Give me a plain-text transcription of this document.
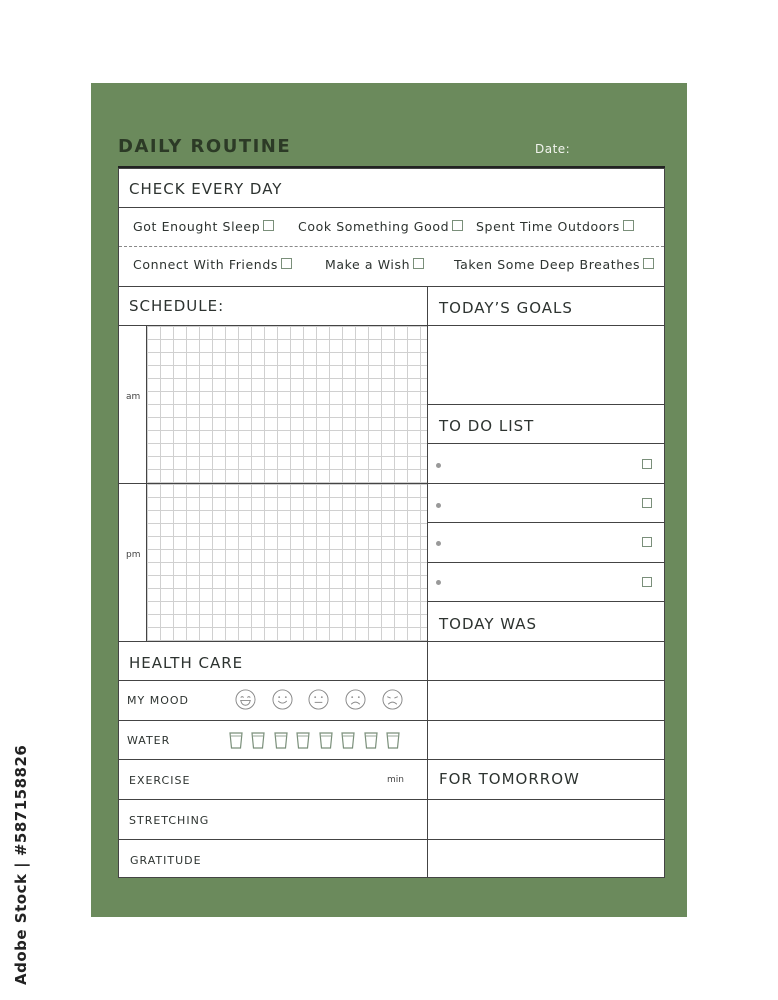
DAILY ROUTINE	Date:
CHECK EVERY DAY
Got Enought Sleep	Cook Something Good	Spent Time Outdoors
Connect With Friends	Make a Wish	Taken Some Deep Breathes
SCHEDULE:
am
pm
HEALTH CARE
MY MOOD
WATER
EXERCISE	min
STRETCHING
GRATITUDE
TODAY’S GOALS
TO DO LIST
TODAY WAS
FOR TOMORROW
Adobe Stock | #587158826
